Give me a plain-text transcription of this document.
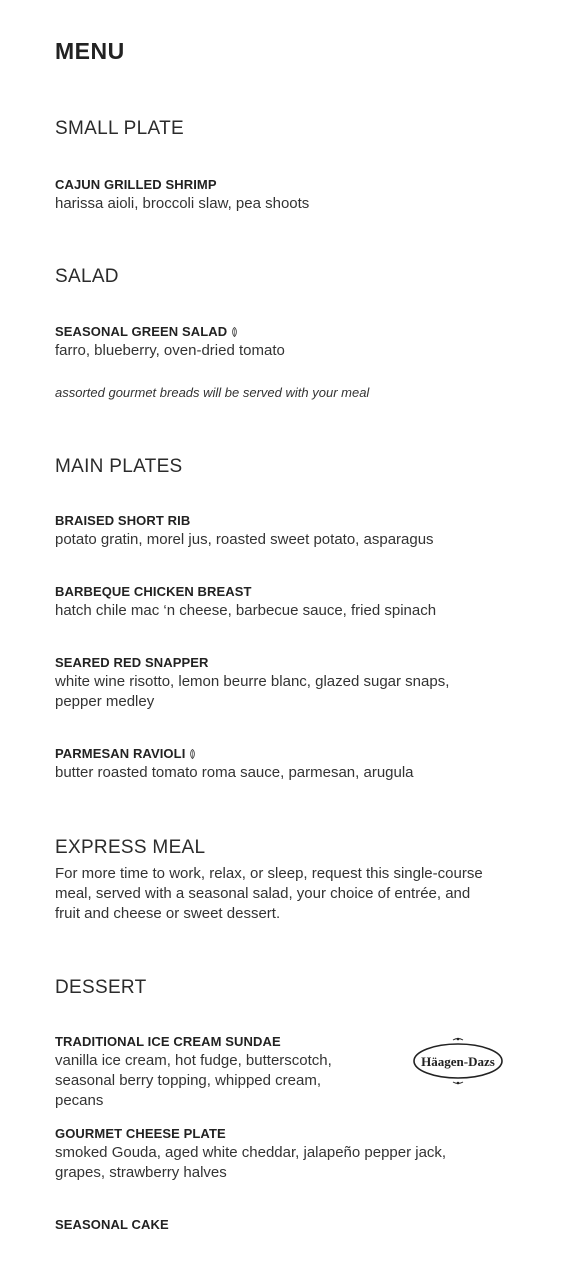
MENU
SMALL PLATE
CAJUN GRILLED SHRIMP
harissa aioli, broccoli slaw, pea shoots
SALAD
SEASONAL GREEN SALAD
farro, blueberry, oven-dried tomato
assorted gourmet breads will be served with your meal
MAIN PLATES
BRAISED SHORT RIB
potato gratin, morel jus, roasted sweet potato, asparagus
BARBEQUE CHICKEN BREAST
hatch chile mac ‘n cheese, barbecue sauce, fried spinach
SEARED RED SNAPPER
white wine risotto, lemon beurre blanc, glazed sugar snaps, pepper medley
PARMESAN RAVIOLI
butter roasted tomato roma sauce, parmesan, arugula
EXPRESS MEAL
For more time to work, relax, or sleep, request this single-course meal, served with a seasonal salad, your choice of entrée, and fruit and cheese or sweet dessert.
DESSERT
TRADITIONAL ICE CREAM SUNDAE
vanilla ice cream, hot fudge, butterscotch, seasonal berry topping, whipped cream, pecans
Häagen-Dazs
GOURMET CHEESE PLATE
smoked Gouda, aged white cheddar, jalapeño pepper jack, grapes, strawberry halves
SEASONAL CAKE
